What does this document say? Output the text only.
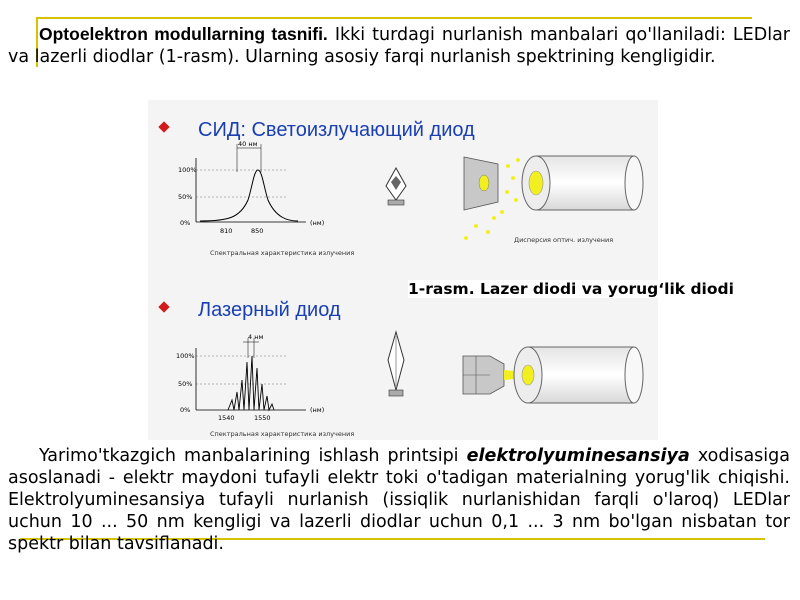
Optoelektron modullarning tasnifi. Ikki turdagi nurlanish manbalari qo'llaniladi: LEDlar va lazerli diodlar (1-rasm). Ularning asosiy farqi nurlanish spektrining kengligidir.

СИД: Светоизлучающий диод
40 нм
100%
50%
0%
810	850
(нм)
Спектральная характеристика излучения
Дисперсия оптич. излучения
Лазерный диод
4 нм
100%
50%
0%
1540	1550
(нм)
Спектральная характеристика излучения
1-rasm. Lazer diodi va yorug‘lik diodi

Yarimo'tkazgich manbalarining ishlash printsipi elektrolyuminesansiya xodisasiga asoslanadi - elektr maydoni tufayli elektr toki o'tadigan materialning yorug'lik chiqishi. Elektrolyuminesansiya tufayli nurlanish (issiqlik nurlanishidan farqli o'laroq) LEDlar uchun 10 ... 50 nm kengligi va lazerli diodlar uchun 0,1 ... 3 nm bo'lgan nisbatan tor spektr bilan tavsiflanadi.
